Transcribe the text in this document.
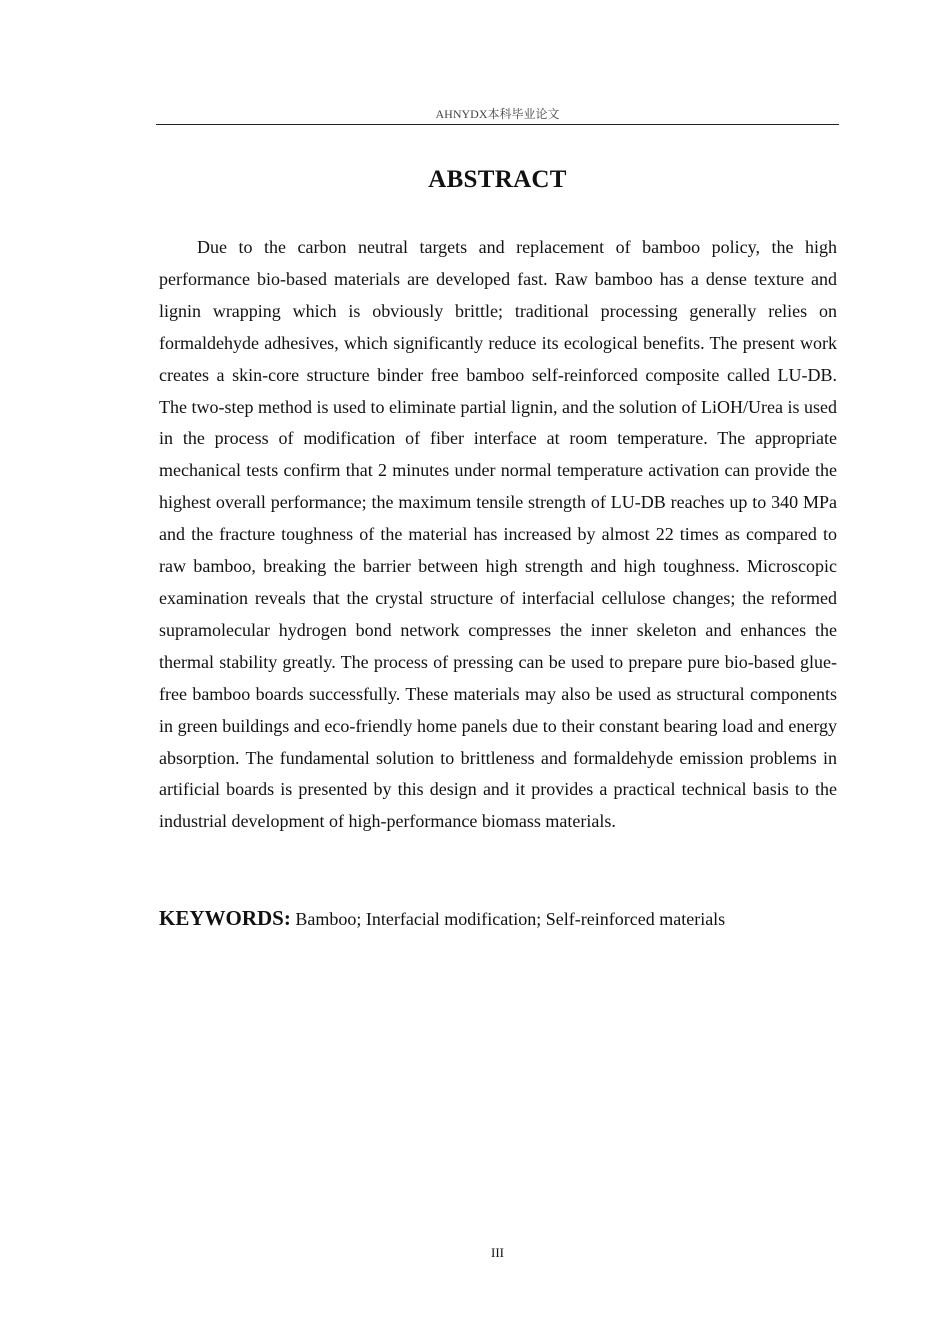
AHNYDX本科毕业论文
ABSTRACT

Due to the carbon neutral targets and replacement of bamboo policy, the high performance bio-based materials are developed fast. Raw bamboo has a dense texture and lignin wrapping which is obviously brittle; traditional processing generally relies on formaldehyde adhesives, which significantly reduce its ecological benefits. The present work creates a skin-core structure binder free bamboo self-reinforced composite called LU-DB. The two-step method is used to eliminate partial lignin, and the solution of LiOH/Urea is used in the process of modification of fiber interface at room temperature. The appropriate mechanical tests confirm that 2 minutes under normal temperature activation can provide the highest overall performance; the maximum tensile strength of LU-DB reaches up to 340 MPa and the fracture toughness of the material has increased by almost 22 times as compared to raw bamboo, breaking the barrier between high strength and high toughness. Microscopic examination reveals that the crystal structure of interfacial cellulose changes; the reformed supramolecular hydrogen bond network compresses the inner skeleton and enhances the thermal stability greatly. The process of pressing can be used to prepare pure bio-based glue-free bamboo boards successfully. These materials may also be used as structural components in green buildings and eco-friendly home panels due to their constant bearing load and energy absorption. The fundamental solution to brittleness and formaldehyde emission problems in artificial boards is presented by this design and it provides a practical technical basis to the industrial development of high-performance biomass materials.

KEYWORDS: Bamboo; Interfacial modification; Self-reinforced materials

III
